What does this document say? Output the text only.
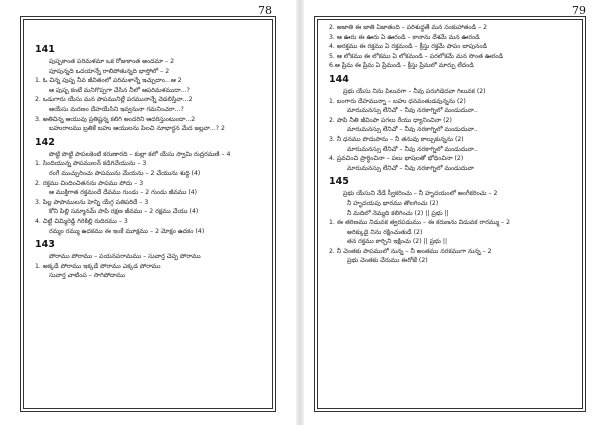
78
141
పుష్పకాంత పరిమళమా ఒక రోజుకాంత అందమా – 2
పూపున్నది ఒదయాన్నే రాలిపోతున్నది భాస్తోలో – 2
1. ఓ చిన్న పుష్ప నీవ జీవితంలో పరిమళాన్నే ఇచ్చుదాం...ఆ 2
ఆ పుష్ప కంటే మనిగొప్పగా చేసిన నీలో ఆపరిమళముదా...?
2. ఒడుగారు యేసు మన పాపమునిల్లే పరమునాన్నే వెడలిస్తివా...2
ఆయేసు మరణం దేహయేసిని ఇవ్వనునా గమనించరా...?
3. అతిచిన్న ఆయువు ప్రతిష్టన్న కలిగి అందరిని ఆదరిస్తుంటుందా...2
బహురాలము బ్రతికే బహు ఆయులను పిలచి నూభార్ధన మేద జల్లవా...? 2
142
పొట్టి పొట్టి పాపలకెంటి కరుణారది – కుల్లా కలో యేసు స్వామి రుద్రరమణి – 4
1. సిందియున్న పాపములన్ కడిగివేయును – 3
రంగే ముచ్చురించు పాపమును మేయను – 2 చేయును శుద్ధి (4)
2. రక్తము చిందించితనను పాపము పోదు – 3
ఆ ముక్తిగాత రక్తమందే దేవము గుండు – 2 గుండు జీవము (4)
3. పిల్ల పాపాములను హెన్ని యేగ్గ పతిపరిదే – 3
కోని పిల్లి సమ్మానమ్ పాపి రక్షణ జీవము – 2 రక్షము చేయు (4)
4. చిట్టి చిమ్మిరెడ్డి గిరెకిల్లి రుదిరము – 3
రమ్మం రమ్ము ఉదకము ఈ ఇంకే మూక్షము – 2 మోక్షం ఉదకం (4)
143
పోరాము పోరాము – పయనపరామము – సువార్త చెప్ప పోరాము
1. అక్కడే పోరాము ఇక్కడే పోరాము ఎక్కడ పోరాము
సువార్త చాటింప – సాగిపోదాము
79
2. అజాతి ఈ జాతి ఏజాతంది – పరిశుద్ధతే మన సంకుహాతండి – 2
3. ఆ ఊరు ఈ ఊరు ఏ ఊరండి – కానాను దేశమే మన ఊరండి
4. అరక్తము ఈ రక్తము ఏ రక్తమండి – క్రీస్తు రక్తమే పాపం బాపునండి
5. ఆ లోకము ఈ లోకము ఏ లోకమండి – పరలోకమే మన సొంత ఊరండి
6.ఆ ప్రేమ ఈ ప్రేమ ఏ ప్రేమండి – క్రీస్తు ప్రేమలో మార్పు లేదండి
144
ప్రభు యేసు నిను పిలువగా – నీవు పరుగిడెదవా గిలువక (2)
1. బంగారు దేహమున్నా – బహు ధనవంతుడవున్నను (2)
మారుమనస్సు లేనిచో – నీవు నరకాగ్నిలో మండుదువా..
2. పాపి నీతి జీవింపా పగలు రేయు ధ్యానించినా (2)
మారుమనస్సు లేనిచో – నీవు నరకాగ్నిలో మండుదువా..
3. నీ ధనము పొదుపాను – నీ తనువు కాల్చుకున్నను (2)
మారుమనస్సు లేనిచో – నీవు నరకాగ్నిలో మండుదువా..
4. ప్రవచించి ప్రార్ధించినా – పలు భాషలతో భోధించినా (2)
మారుమనస్సు లేనిచో – నీవు నరకాగ్నిలో మండుదువా
145
ప్రభు యేసుని నేడే స్వీకరించు – నీ హృదయంలో అంగీకరించు – 2
నీ హృదయపు భారము తొలగించు (2)
నీ మదిలో నెమ్మది కలిగించు (2) || ప్రభు ||
1. ఈ తరిణము నిడువక త్వరపడుము – ఈ కరుణను విడువక రారమ్ము – 2
అరిక్కుడై నిను రక్షించుతుడే (2)
తన రక్తము కార్చిని ఇక్షించు (2) || ప్రభు ||
2. నీ చెంతకు పాపములో నున్న – నీ అంతము నరకముగా నున్న – 2
ప్రభు చెంతకు చేరుము ఈరోజే (2)
